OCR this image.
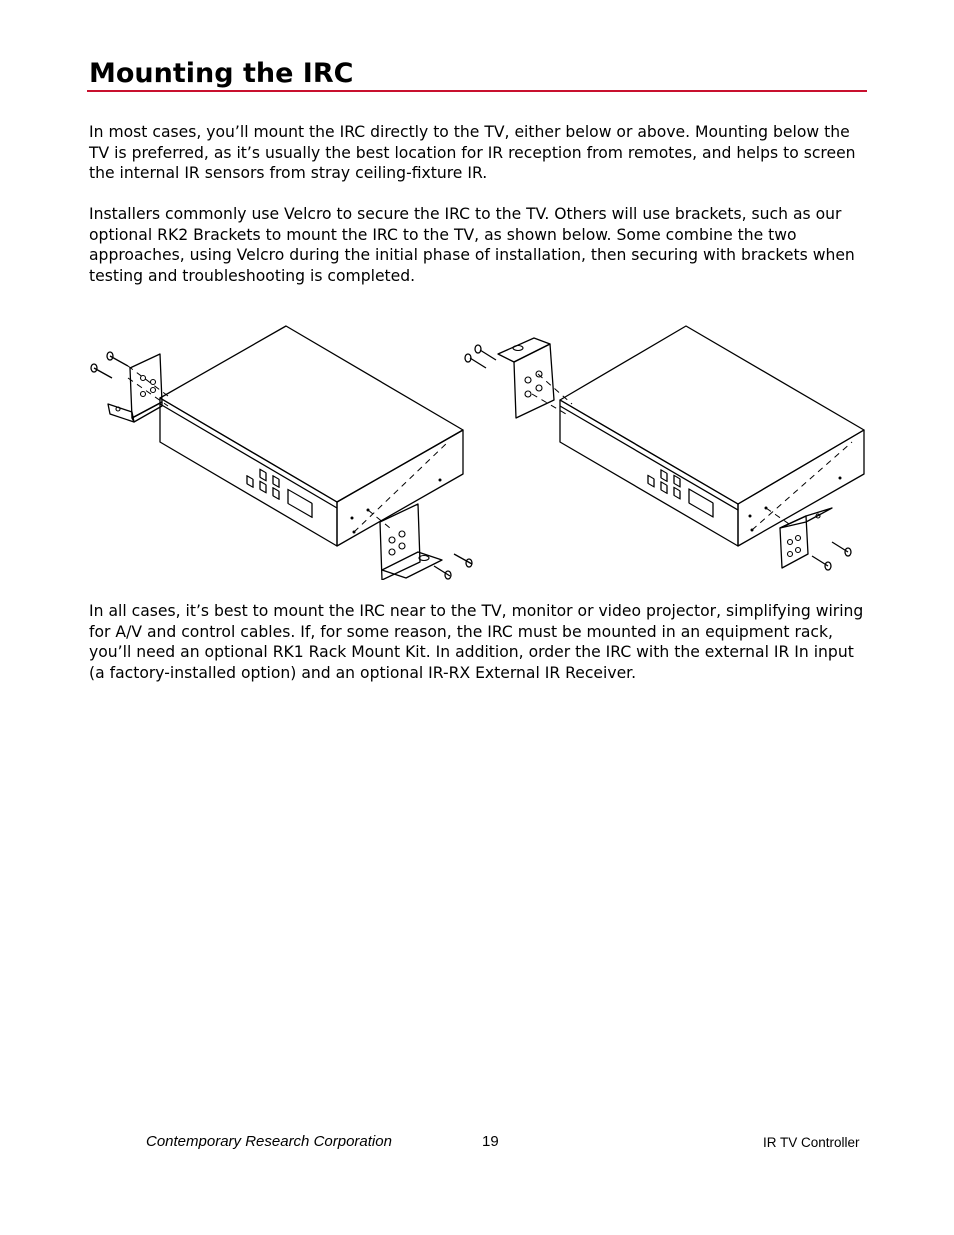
Mounting the IRC

In most cases, you’ll mount the IRC directly to the TV, either below or above. Mounting below the TV is preferred, as it’s usually the best location for IR reception from remotes, and helps to screen the internal IR sensors from stray ceiling-fixture IR.

Installers commonly use Velcro to secure the IRC to the TV. Others will use brackets, such as our optional RK2 Brackets to mount the IRC to the TV, as shown below. Some combine the two approaches, using Velcro during the initial phase of installation, then securing with brackets when testing and troubleshooting is completed.

In all cases, it’s best to mount the IRC near to the TV, monitor or video projector, simplifying wiring for A/V and control cables. If, for some reason, the IRC must be mounted in an equipment rack, you’ll need an optional RK1 Rack Mount Kit. In addition, order the IRC with the external IR In input (a factory-installed option) and an optional IR-RX External IR Receiver.

Contemporary Research Corporation	19	IR TV Controller
